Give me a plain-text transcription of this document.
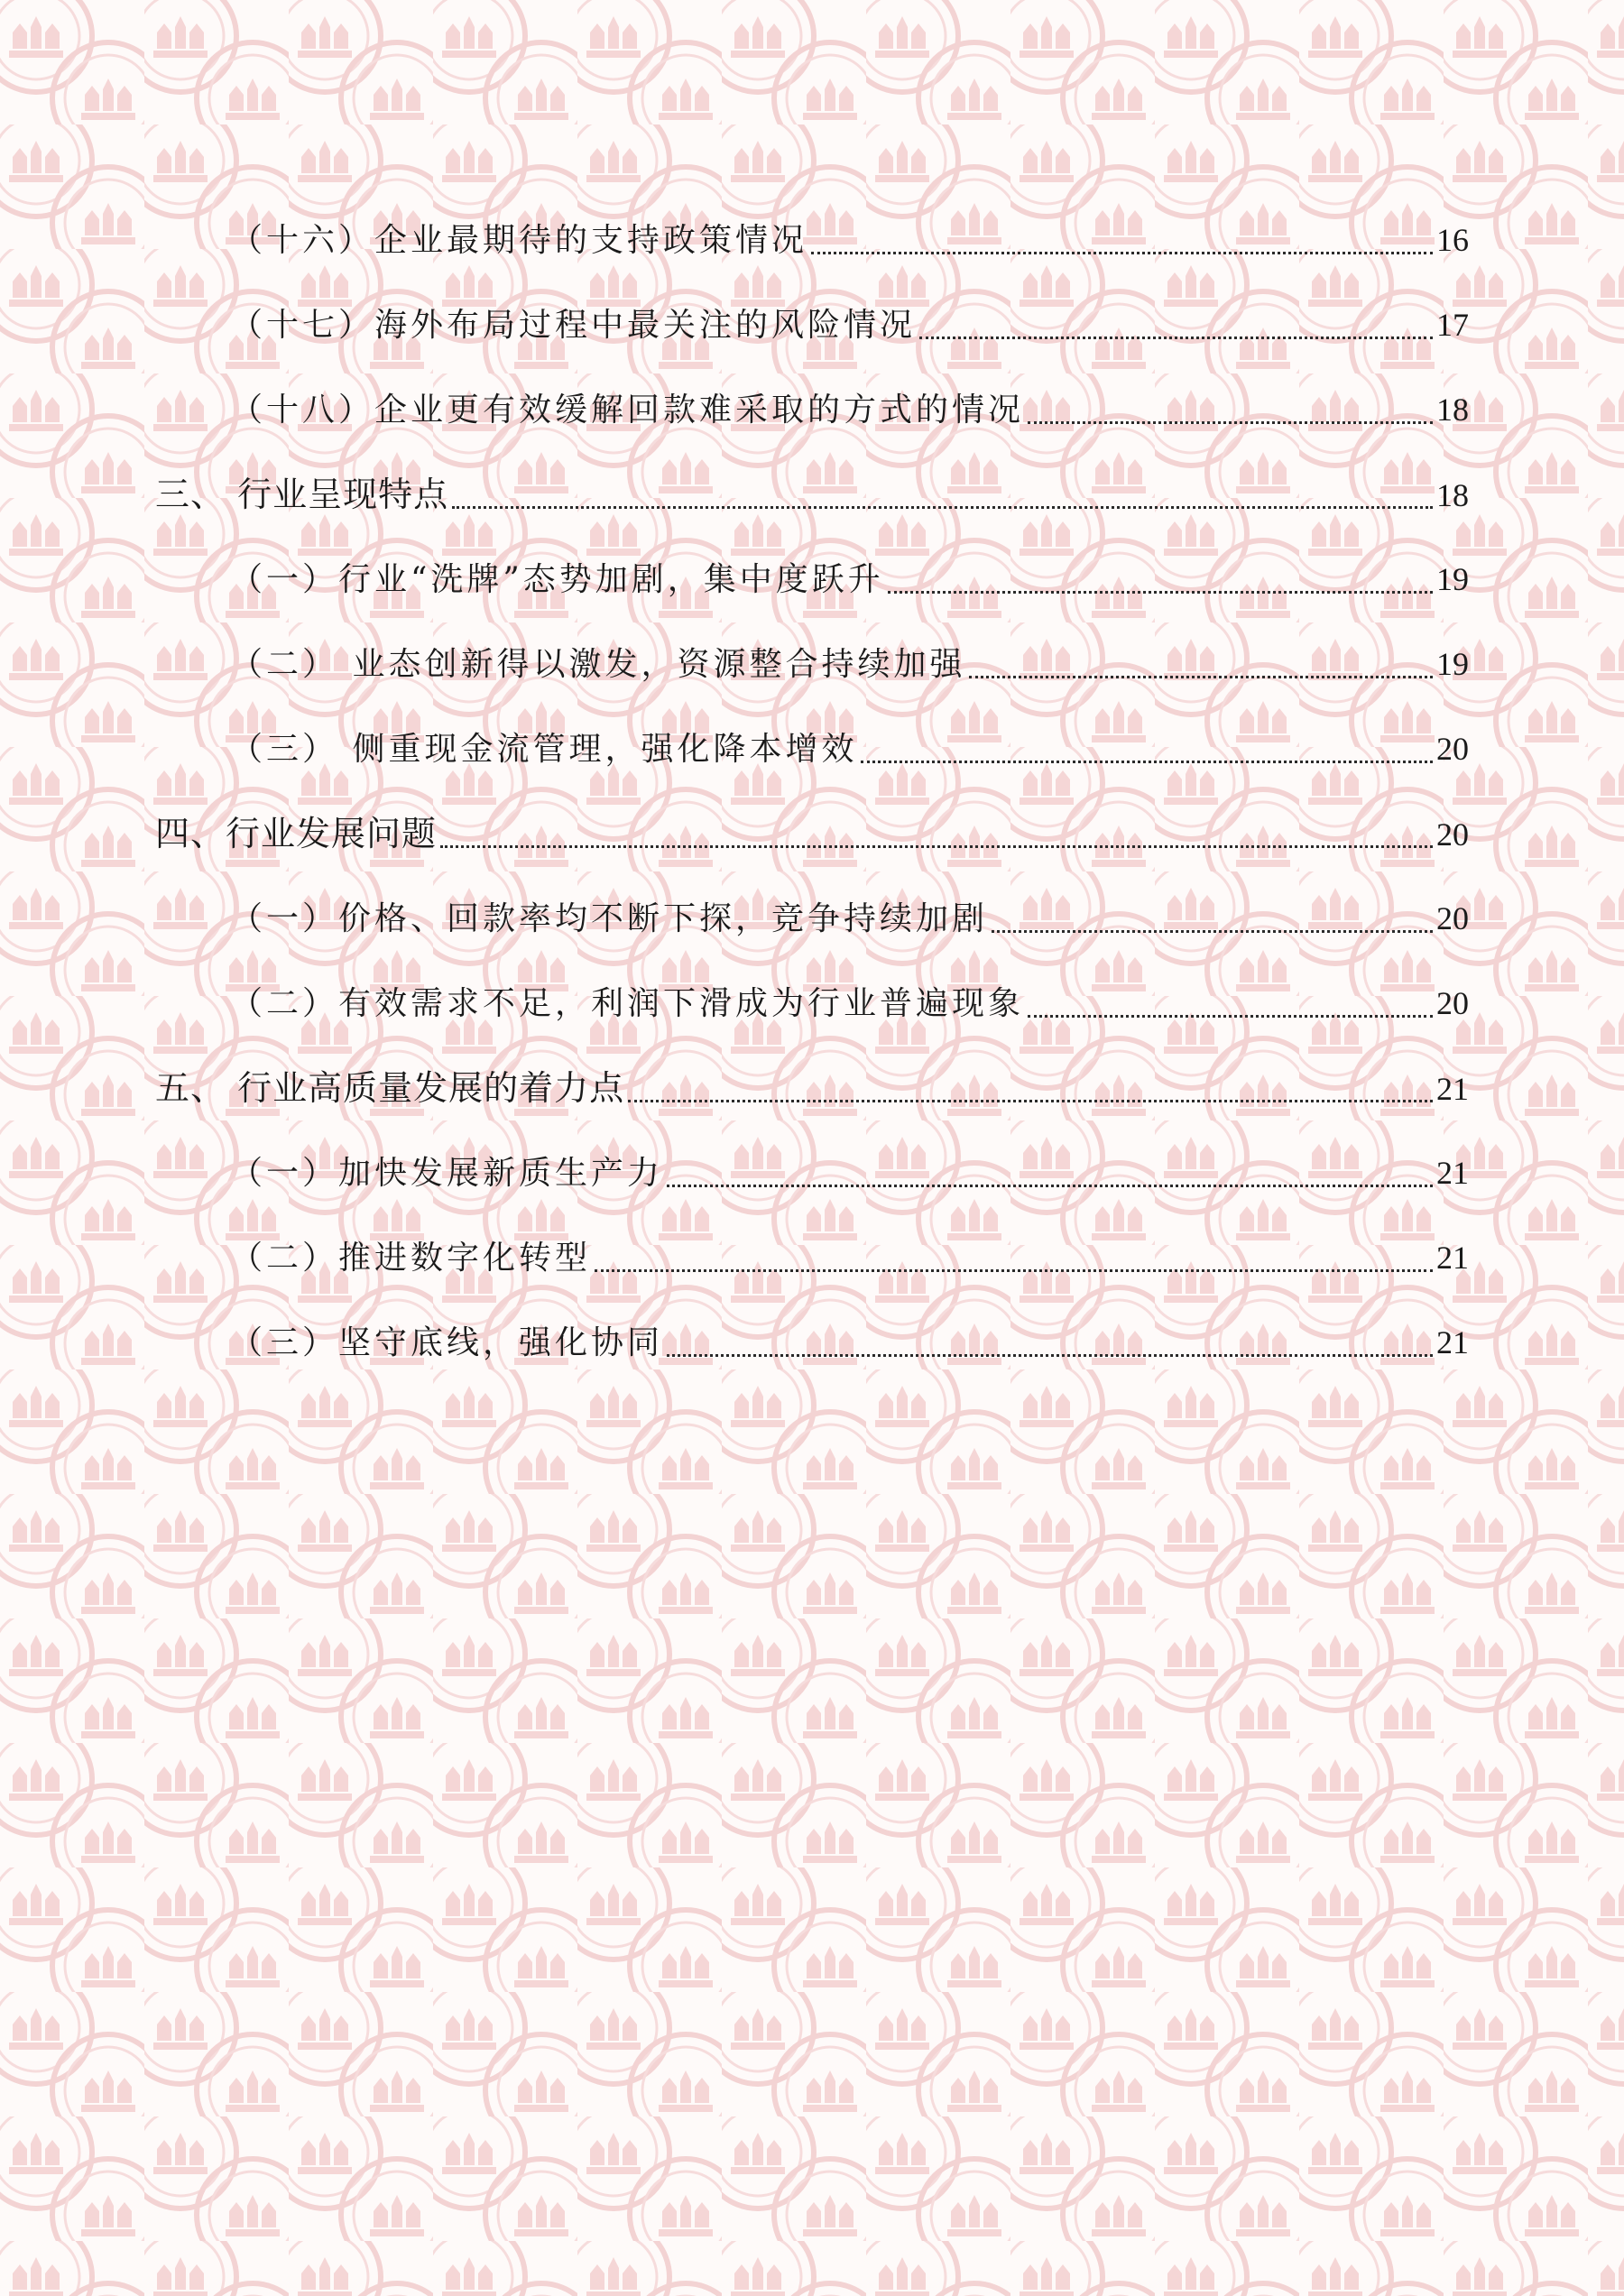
（十六）企业最期待的支持政策情况	16
（十七）海外布局过程中最关注的风险情况	17
（十八）企业更有效缓解回款难采取的方式的情况	18
三、 行业呈现特点	18
（一）行业“洗牌”态势加剧，集中度跃升	19
（二） 业态创新得以激发，资源整合持续加强	19
（三） 侧重现金流管理，强化降本增效	20
四、行业发展问题	20
（一）价格、回款率均不断下探，竞争持续加剧	20
（二）有效需求不足，利润下滑成为行业普遍现象	20
五、 行业高质量发展的着力点	21
（一）加快发展新质生产力	21
（二）推进数字化转型	21
（三）坚守底线，强化协同	21
